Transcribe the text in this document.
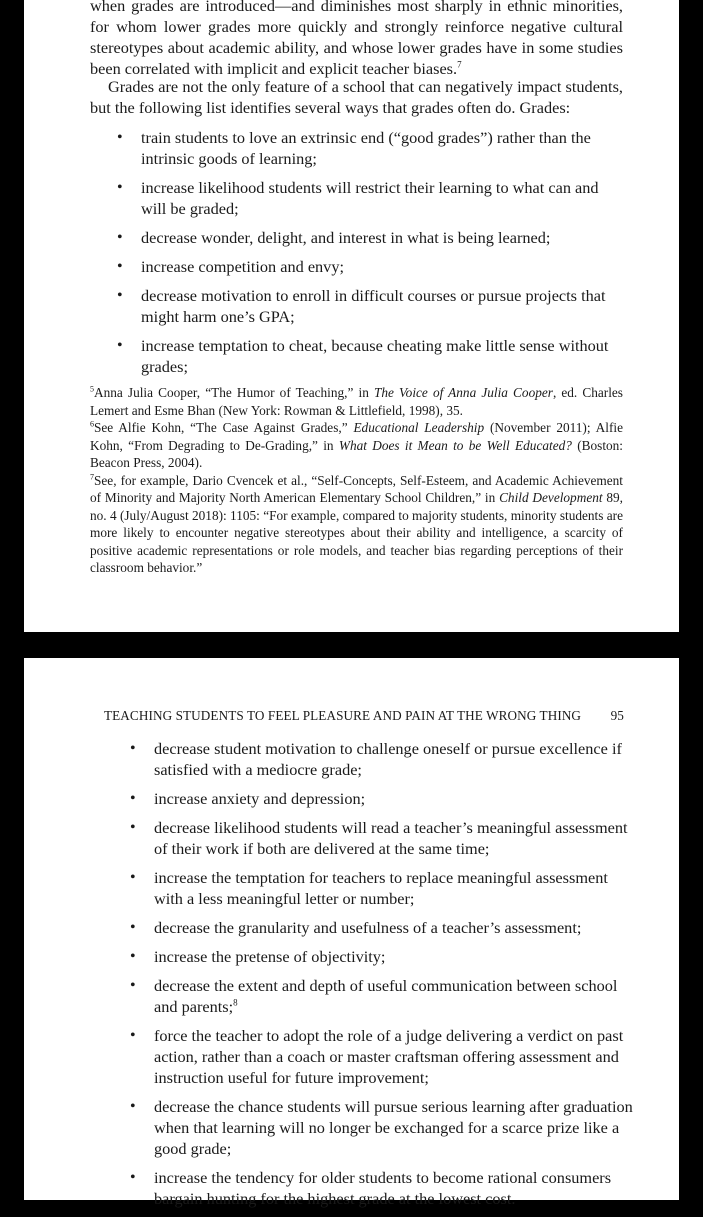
when grades are introduced—and diminishes most sharply in ethnic minorities, for whom lower grades more quickly and strongly reinforce negative cultural stereotypes about academic ability, and whose lower grades have in some studies been correlated with implicit and explicit teacher biases.$^7$

Grades are not the only feature of a school that can negatively impact students, but the following list identifies several ways that grades often do. Grades:

• train students to love an extrinsic end (“good grades”) rather than the intrinsic goods of learning;
• increase likelihood students will restrict their learning to what can and will be graded;
• decrease wonder, delight, and interest in what is being learned;
• increase competition and envy;
• decrease motivation to enroll in difficult courses or pursue projects that might harm one’s GPA;
• increase temptation to cheat, because cheating make little sense without grades;

$^5$Anna Julia Cooper, “The Humor of Teaching,” in The Voice of Anna Julia Cooper, ed. Charles Lemert and Esme Bhan (New York: Rowman & Littlefield, 1998), 35.

$^6$See Alfie Kohn, “The Case Against Grades,” Educational Leadership (November 2011); Alfie Kohn, “From Degrading to De-Grading,” in What Does it Mean to be Well Educated? (Boston: Beacon Press, 2004).

$^7$See, for example, Dario Cvencek et al., “Self-Concepts, Self-Esteem, and Academic Achievement of Minority and Majority North American Elementary School Children,” in Child Development 89, no. 4 (July/August 2018): 1105: “For example, compared to majority students, minority students are more likely to encounter negative stereotypes about their ability and intelligence, a scarcity of positive academic representations or role models, and teacher bias regarding perceptions of their classroom behavior.”

TEACHING STUDENTS TO FEEL PLEASURE AND PAIN AT THE WRONG THING 95
• decrease student motivation to challenge oneself or pursue excellence if satisfied with a mediocre grade;
• increase anxiety and depression;
• decrease likelihood students will read a teacher’s meaningful assessment of their work if both are delivered at the same time;
• increase the temptation for teachers to replace meaningful assessment with a less meaningful letter or number;
• decrease the granularity and usefulness of a teacher’s assessment;
• increase the pretense of objectivity;
• decrease the extent and depth of useful communication between school and parents;$^8$
• force the teacher to adopt the role of a judge delivering a verdict on past action, rather than a coach or master craftsman offering assessment and instruction useful for future improvement;
• decrease the chance students will pursue serious learning after graduation when that learning will no longer be exchanged for a scarce prize like a good grade;
• increase the tendency for older students to become rational consumers bargain hunting for the highest grade at the lowest cost.
